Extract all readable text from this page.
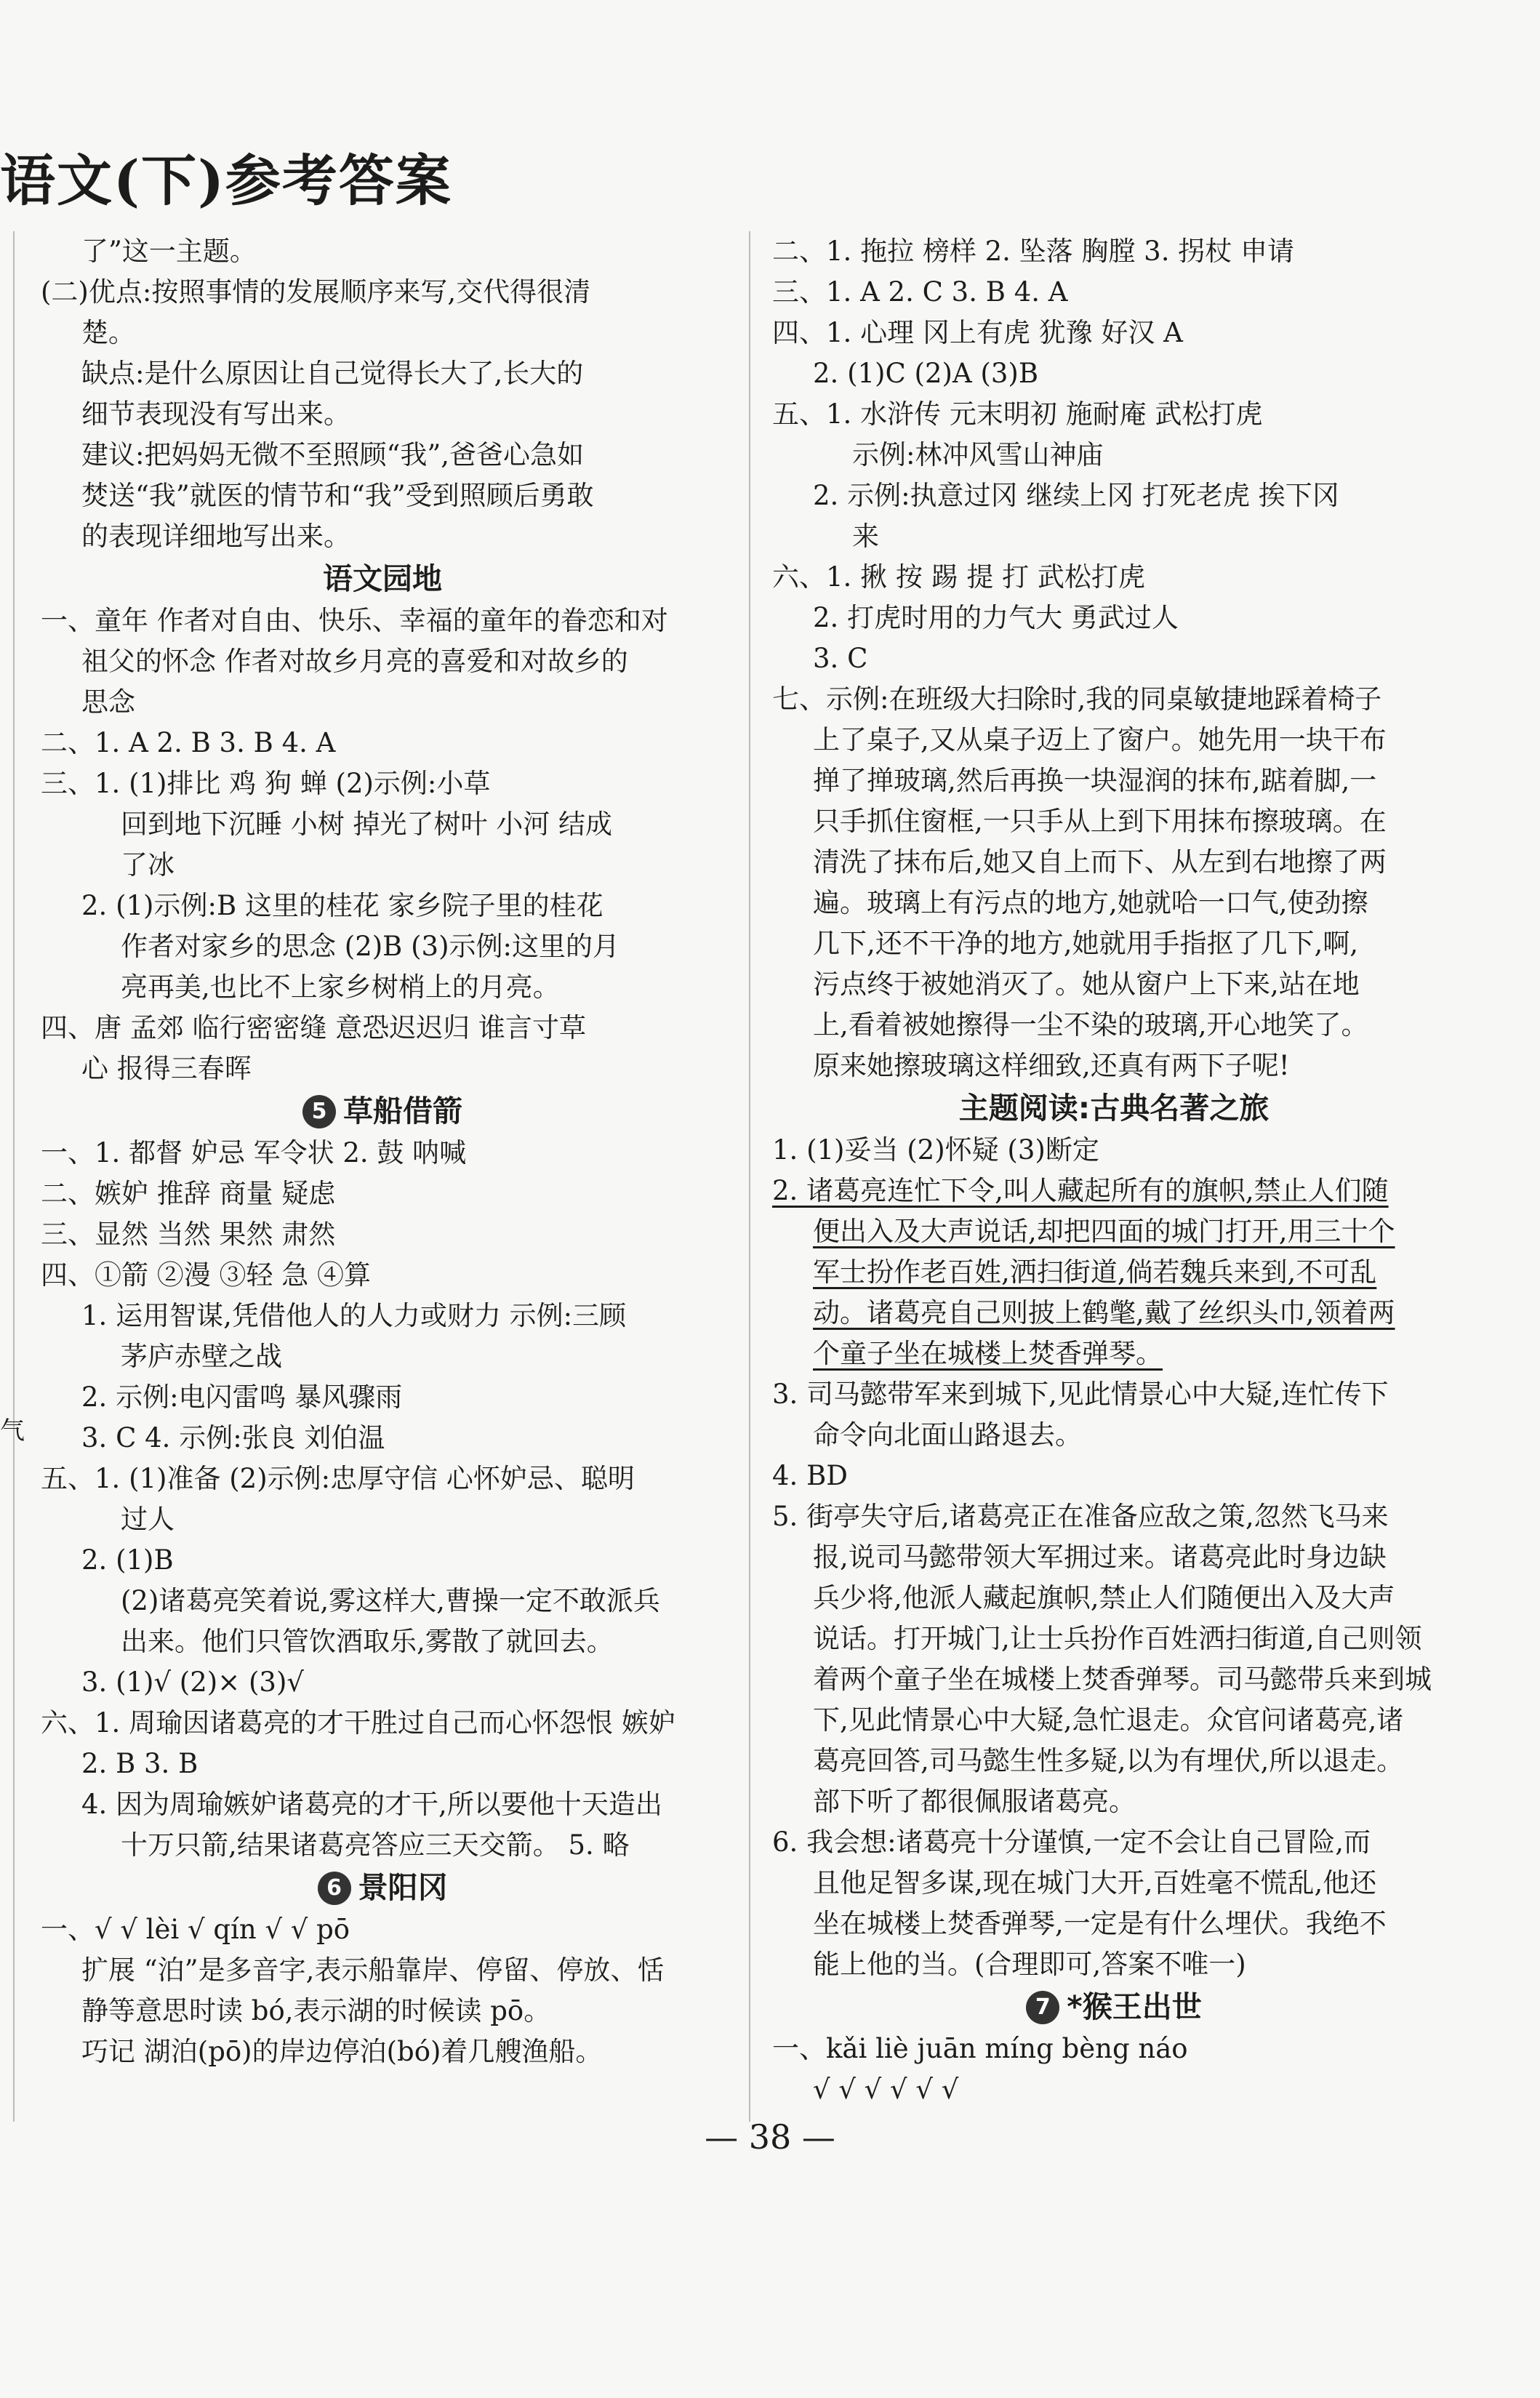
语文(下)参考答案
气
了”这一主题。
(二)优点:按照事情的发展顺序来写,交代得很清
楚。
缺点:是什么原因让自己觉得长大了,长大的
细节表现没有写出来。
建议:把妈妈无微不至照顾“我”,爸爸心急如
焚送“我”就医的情节和“我”受到照顾后勇敢
的表现详细地写出来。
语文园地
一、童年 作者对自由、快乐、幸福的童年的眷恋和对
祖父的怀念 作者对故乡月亮的喜爱和对故乡的
思念
二、1. A 2. B 3. B 4. A
三、1. (1)排比 鸡 狗 蝉 (2)示例:小草
回到地下沉睡 小树 掉光了树叶 小河 结成
了冰
2. (1)示例:B 这里的桂花 家乡院子里的桂花
作者对家乡的思念 (2)B (3)示例:这里的月
亮再美,也比不上家乡树梢上的月亮。
四、唐 孟郊 临行密密缝 意恐迟迟归 谁言寸草
心 报得三春晖
5 草船借箭
一、1. 都督 妒忌 军令状 2. 鼓 呐喊
二、嫉妒 推辞 商量 疑虑
三、显然 当然 果然 肃然
四、①箭 ②漫 ③轻 急 ④算
1. 运用智谋,凭借他人的人力或财力 示例:三顾
茅庐赤壁之战
2. 示例:电闪雷鸣 暴风骤雨
3. C 4. 示例:张良 刘伯温
五、1. (1)准备 (2)示例:忠厚守信 心怀妒忌、聪明
过人
2. (1)B
(2)诸葛亮笑着说,雾这样大,曹操一定不敢派兵
出来。他们只管饮酒取乐,雾散了就回去。
3. (1)√ (2)× (3)√
六、1. 周瑜因诸葛亮的才干胜过自己而心怀怨恨 嫉妒
2. B 3. B
4. 因为周瑜嫉妒诸葛亮的才干,所以要他十天造出
十万只箭,结果诸葛亮答应三天交箭。 5. 略
6 景阳冈
一、√ √ lèi √ qín √ √ pō
扩展 “泊”是多音字,表示船靠岸、停留、停放、恬
静等意思时读 bó,表示湖的时候读 pō。
巧记 湖泊(pō)的岸边停泊(bó)着几艘渔船。
二、1. 拖拉 榜样 2. 坠落 胸膛 3. 拐杖 申请
三、1. A 2. C 3. B 4. A
四、1. 心理 冈上有虎 犹豫 好汉 A
2. (1)C (2)A (3)B
五、1. 水浒传 元末明初 施耐庵 武松打虎
示例:林冲风雪山神庙
2. 示例:执意过冈 继续上冈 打死老虎 挨下冈
来
六、1. 揪 按 踢 提 打 武松打虎
2. 打虎时用的力气大 勇武过人
3. C
七、示例:在班级大扫除时,我的同桌敏捷地踩着椅子
上了桌子,又从桌子迈上了窗户。她先用一块干布
掸了掸玻璃,然后再换一块湿润的抹布,踮着脚,一
只手抓住窗框,一只手从上到下用抹布擦玻璃。在
清洗了抹布后,她又自上而下、从左到右地擦了两
遍。玻璃上有污点的地方,她就哈一口气,使劲擦
几下,还不干净的地方,她就用手指抠了几下,啊,
污点终于被她消灭了。她从窗户上下来,站在地
上,看着被她擦得一尘不染的玻璃,开心地笑了。
原来她擦玻璃这样细致,还真有两下子呢!
主题阅读:古典名著之旅
1. (1)妥当 (2)怀疑 (3)断定
2. 诸葛亮连忙下令,叫人藏起所有的旗帜,禁止人们随
便出入及大声说话,却把四面的城门打开,用三十个
军士扮作老百姓,洒扫街道,倘若魏兵来到,不可乱
动。诸葛亮自己则披上鹤氅,戴了丝织头巾,领着两
个童子坐在城楼上焚香弹琴。
3. 司马懿带军来到城下,见此情景心中大疑,连忙传下
命令向北面山路退去。
4. BD
5. 街亭失守后,诸葛亮正在准备应敌之策,忽然飞马来
报,说司马懿带领大军拥过来。诸葛亮此时身边缺
兵少将,他派人藏起旗帜,禁止人们随便出入及大声
说话。打开城门,让士兵扮作百姓洒扫街道,自己则领
着两个童子坐在城楼上焚香弹琴。司马懿带兵来到城
下,见此情景心中大疑,急忙退走。众官问诸葛亮,诸
葛亮回答,司马懿生性多疑,以为有埋伏,所以退走。
部下听了都很佩服诸葛亮。
6. 我会想:诸葛亮十分谨慎,一定不会让自己冒险,而
且他足智多谋,现在城门大开,百姓毫不慌乱,他还
坐在城楼上焚香弹琴,一定是有什么埋伏。我绝不
能上他的当。(合理即可,答案不唯一)
7 *猴王出世
一、kǎi liè juān míng bèng náo
√ √ √ √ √ √
— 38 —
